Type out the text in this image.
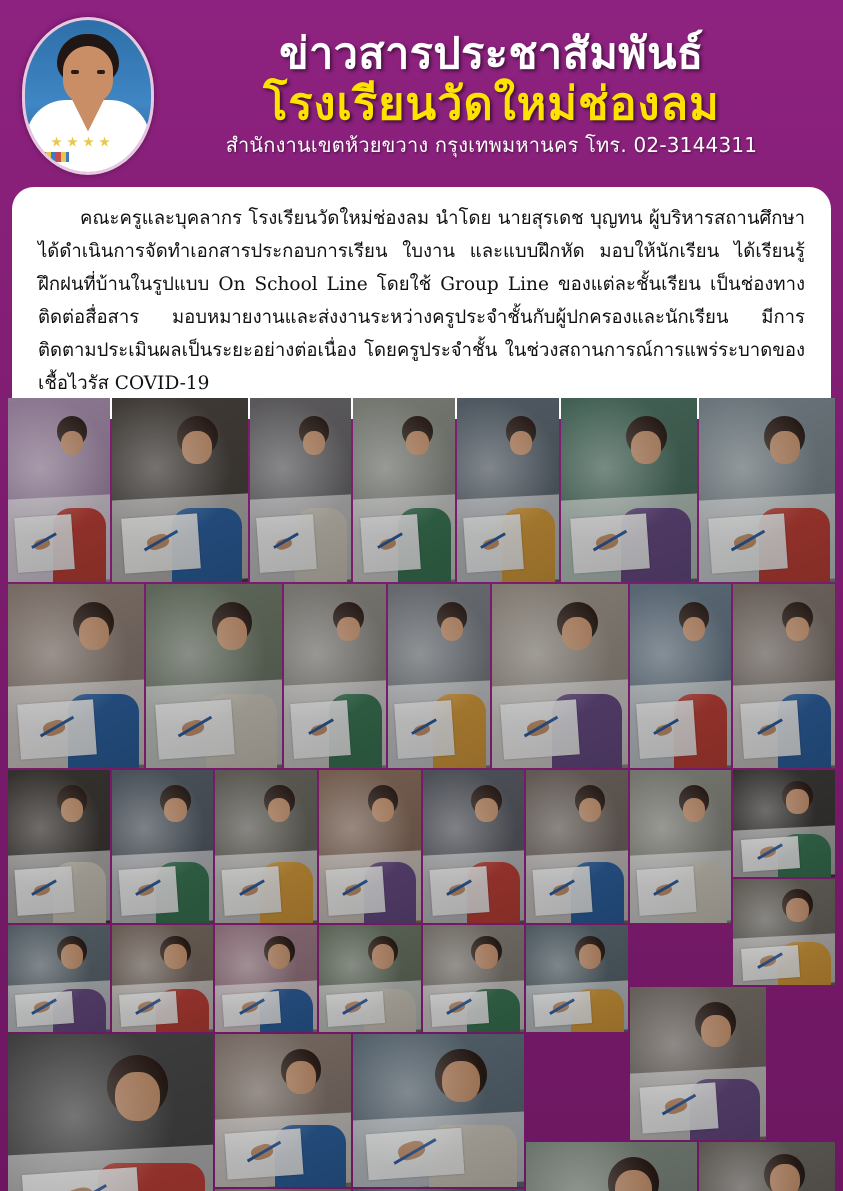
ข่าวสารประชาสัมพันธ์
โรงเรียนวัดใหม่ช่องลม
สำนักงานเขตห้วยขวาง กรุงเทพมหานคร โทร. 02-3144311

คณะครูและบุคลากร โรงเรียนวัดใหม่ช่องลม นำโดย นายสุรเดช บุญทน ผู้บริหารสถานศึกษา ได้ดำเนินการจัดทำเอกสารประกอบการเรียน ใบงาน และแบบฝึกหัด มอบให้นักเรียน ได้เรียนรู้ฝึกฝนที่บ้านในรูปแบบ On School Line โดยใช้ Group Line ของแต่ละชั้นเรียน เป็นช่องทางติดต่อสื่อสาร มอบหมายงานและส่งงานระหว่างครูประจำชั้นกับผู้ปกครองและนักเรียน มีการติดตามประเมินผลเป็นระยะอย่างต่อเนื่อง โดยครูประจำชั้น ในช่วงสถานการณ์การแพร่ระบาดของเชื้อไวรัส COVID-19
